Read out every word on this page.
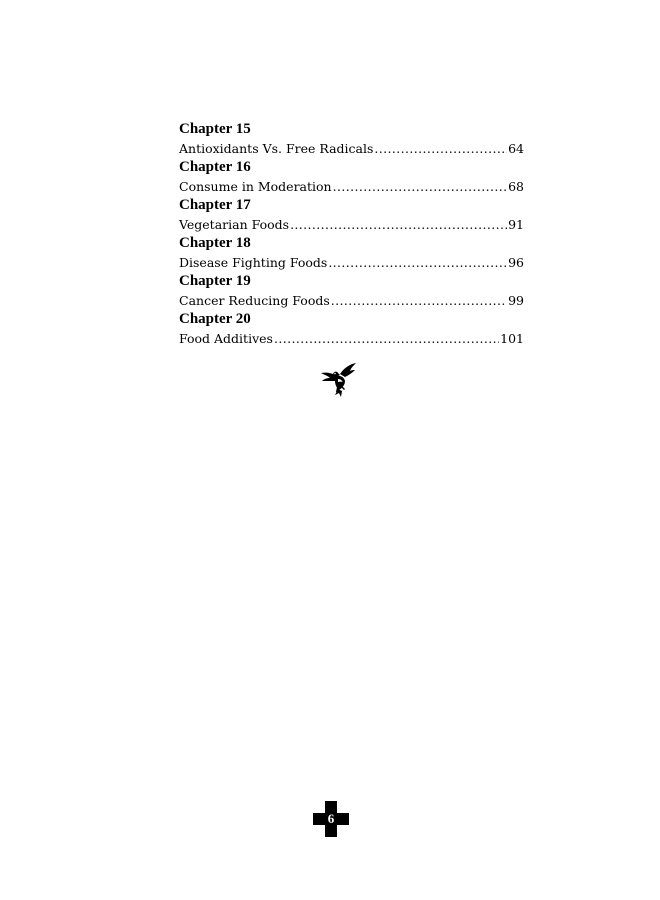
Chapter 15
Antioxidants Vs. Free Radicals .....	64
Chapter 16
Consume in Moderation .....	68
Chapter 17
Vegetarian Foods .....	91
Chapter 18
Disease Fighting Foods .....	96
Chapter 19
Cancer Reducing Foods .....	99
Chapter 20
Food Additives .....	101
6
